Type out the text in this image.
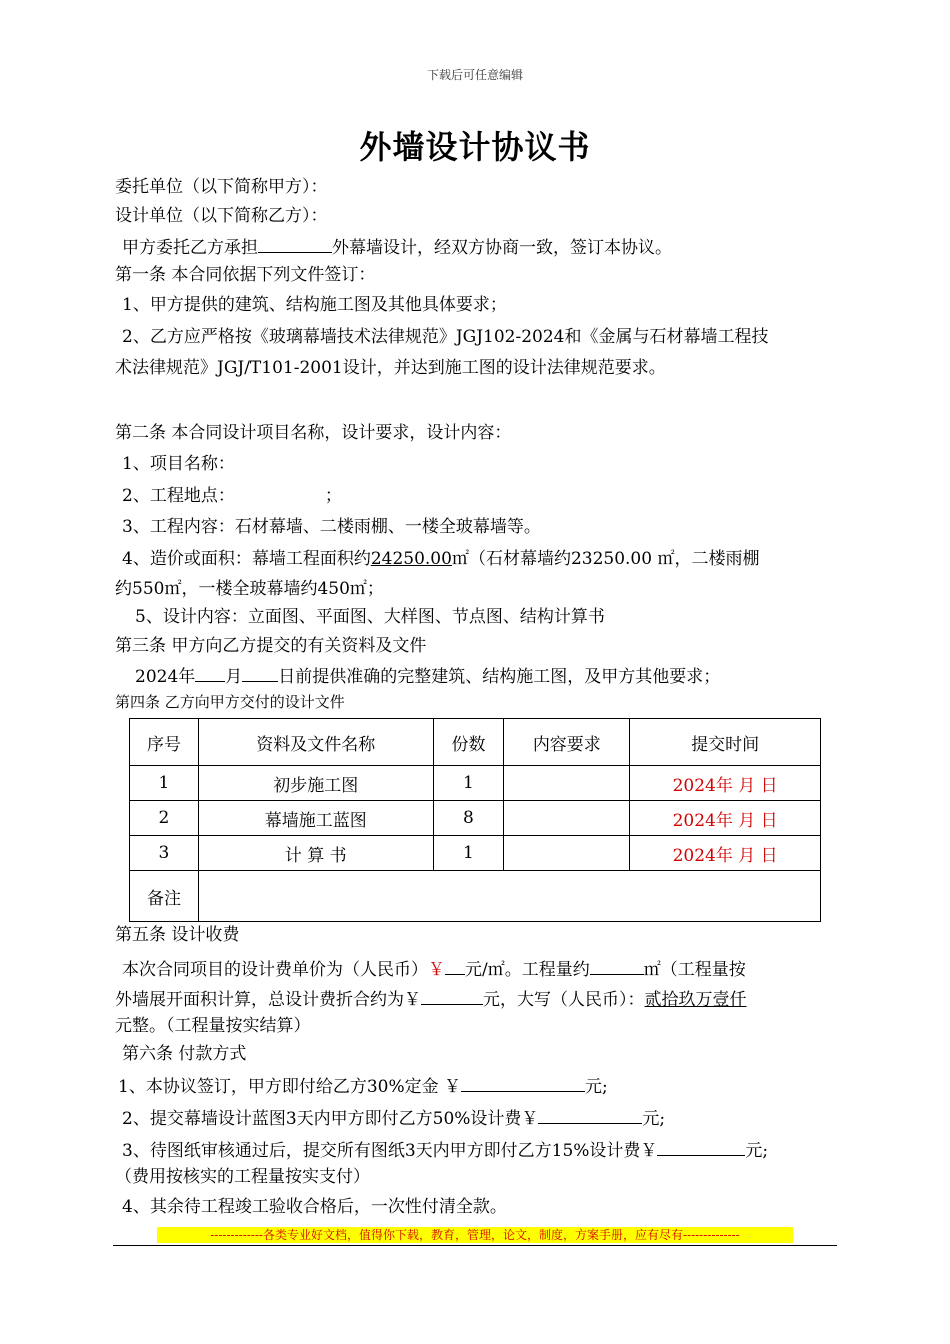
下载后可任意编辑
外墙设计协议书
委托单位（以下简称甲方）：
设计单位（以下简称乙方）：
甲方委托乙方承担	外幕墙设计，经双方协商一致，签订本协议。
第一条 本合同依据下列文件签订：
1、甲方提供的建筑、结构施工图及其他具体要求；
2、乙方应严格按《玻璃幕墙技术法律规范》JGJ102-2024和《金属与石材幕墙工程技
术法律规范》JGJ/T101-2001设计，并达到施工图的设计法律规范要求。
第二条 本合同设计项目名称，设计要求，设计内容：
1、项目名称：
2、工程地点：	；
3、工程内容：石材幕墙、二楼雨棚、一楼全玻幕墙等。
4、造价或面积：幕墙工程面积约24250.00㎡（石材幕墙约23250.00 ㎡，二楼雨棚
约550㎡，一楼全玻幕墙约450㎡；
5、设计内容：立面图、平面图、大样图、节点图、结构计算书
第三条 甲方向乙方提交的有关资料及文件
2024年 月 日前提供准确的完整建筑、结构施工图，及甲方其他要求；
第四条 乙方向甲方交付的设计文件
序号	资料及文件名称	份数	内容要求	提交时间
1	初步施工图	1		2024年 月 日
2	幕墙施工蓝图	8		2024年 月 日
3	计 算 书	1		2024年 月 日
备注				
第五条 设计收费
本次合同项目的设计费单价为（人民币）￥ 元/㎡。工程量约	㎡（工程量按
外墙展开面积计算，总设计费折合约为￥	元，大写（人民币）：贰拾玖万壹仟
元整。（工程量按实结算）
第六条 付款方式
1、本协议签订，甲方即付给乙方30%定金 ￥	元;
2、提交幕墙设计蓝图3天内甲方即付乙方50%设计费￥	元;
3、待图纸审核通过后，提交所有图纸3天内甲方即付乙方15%设计费￥	元;
（费用按核实的工程量按实支付）
4、其余待工程竣工验收合格后，一次性付清全款。
-------------各类专业好文档，值得你下载，教育，管理，论文，制度，方案手册，应有尽有--------------
